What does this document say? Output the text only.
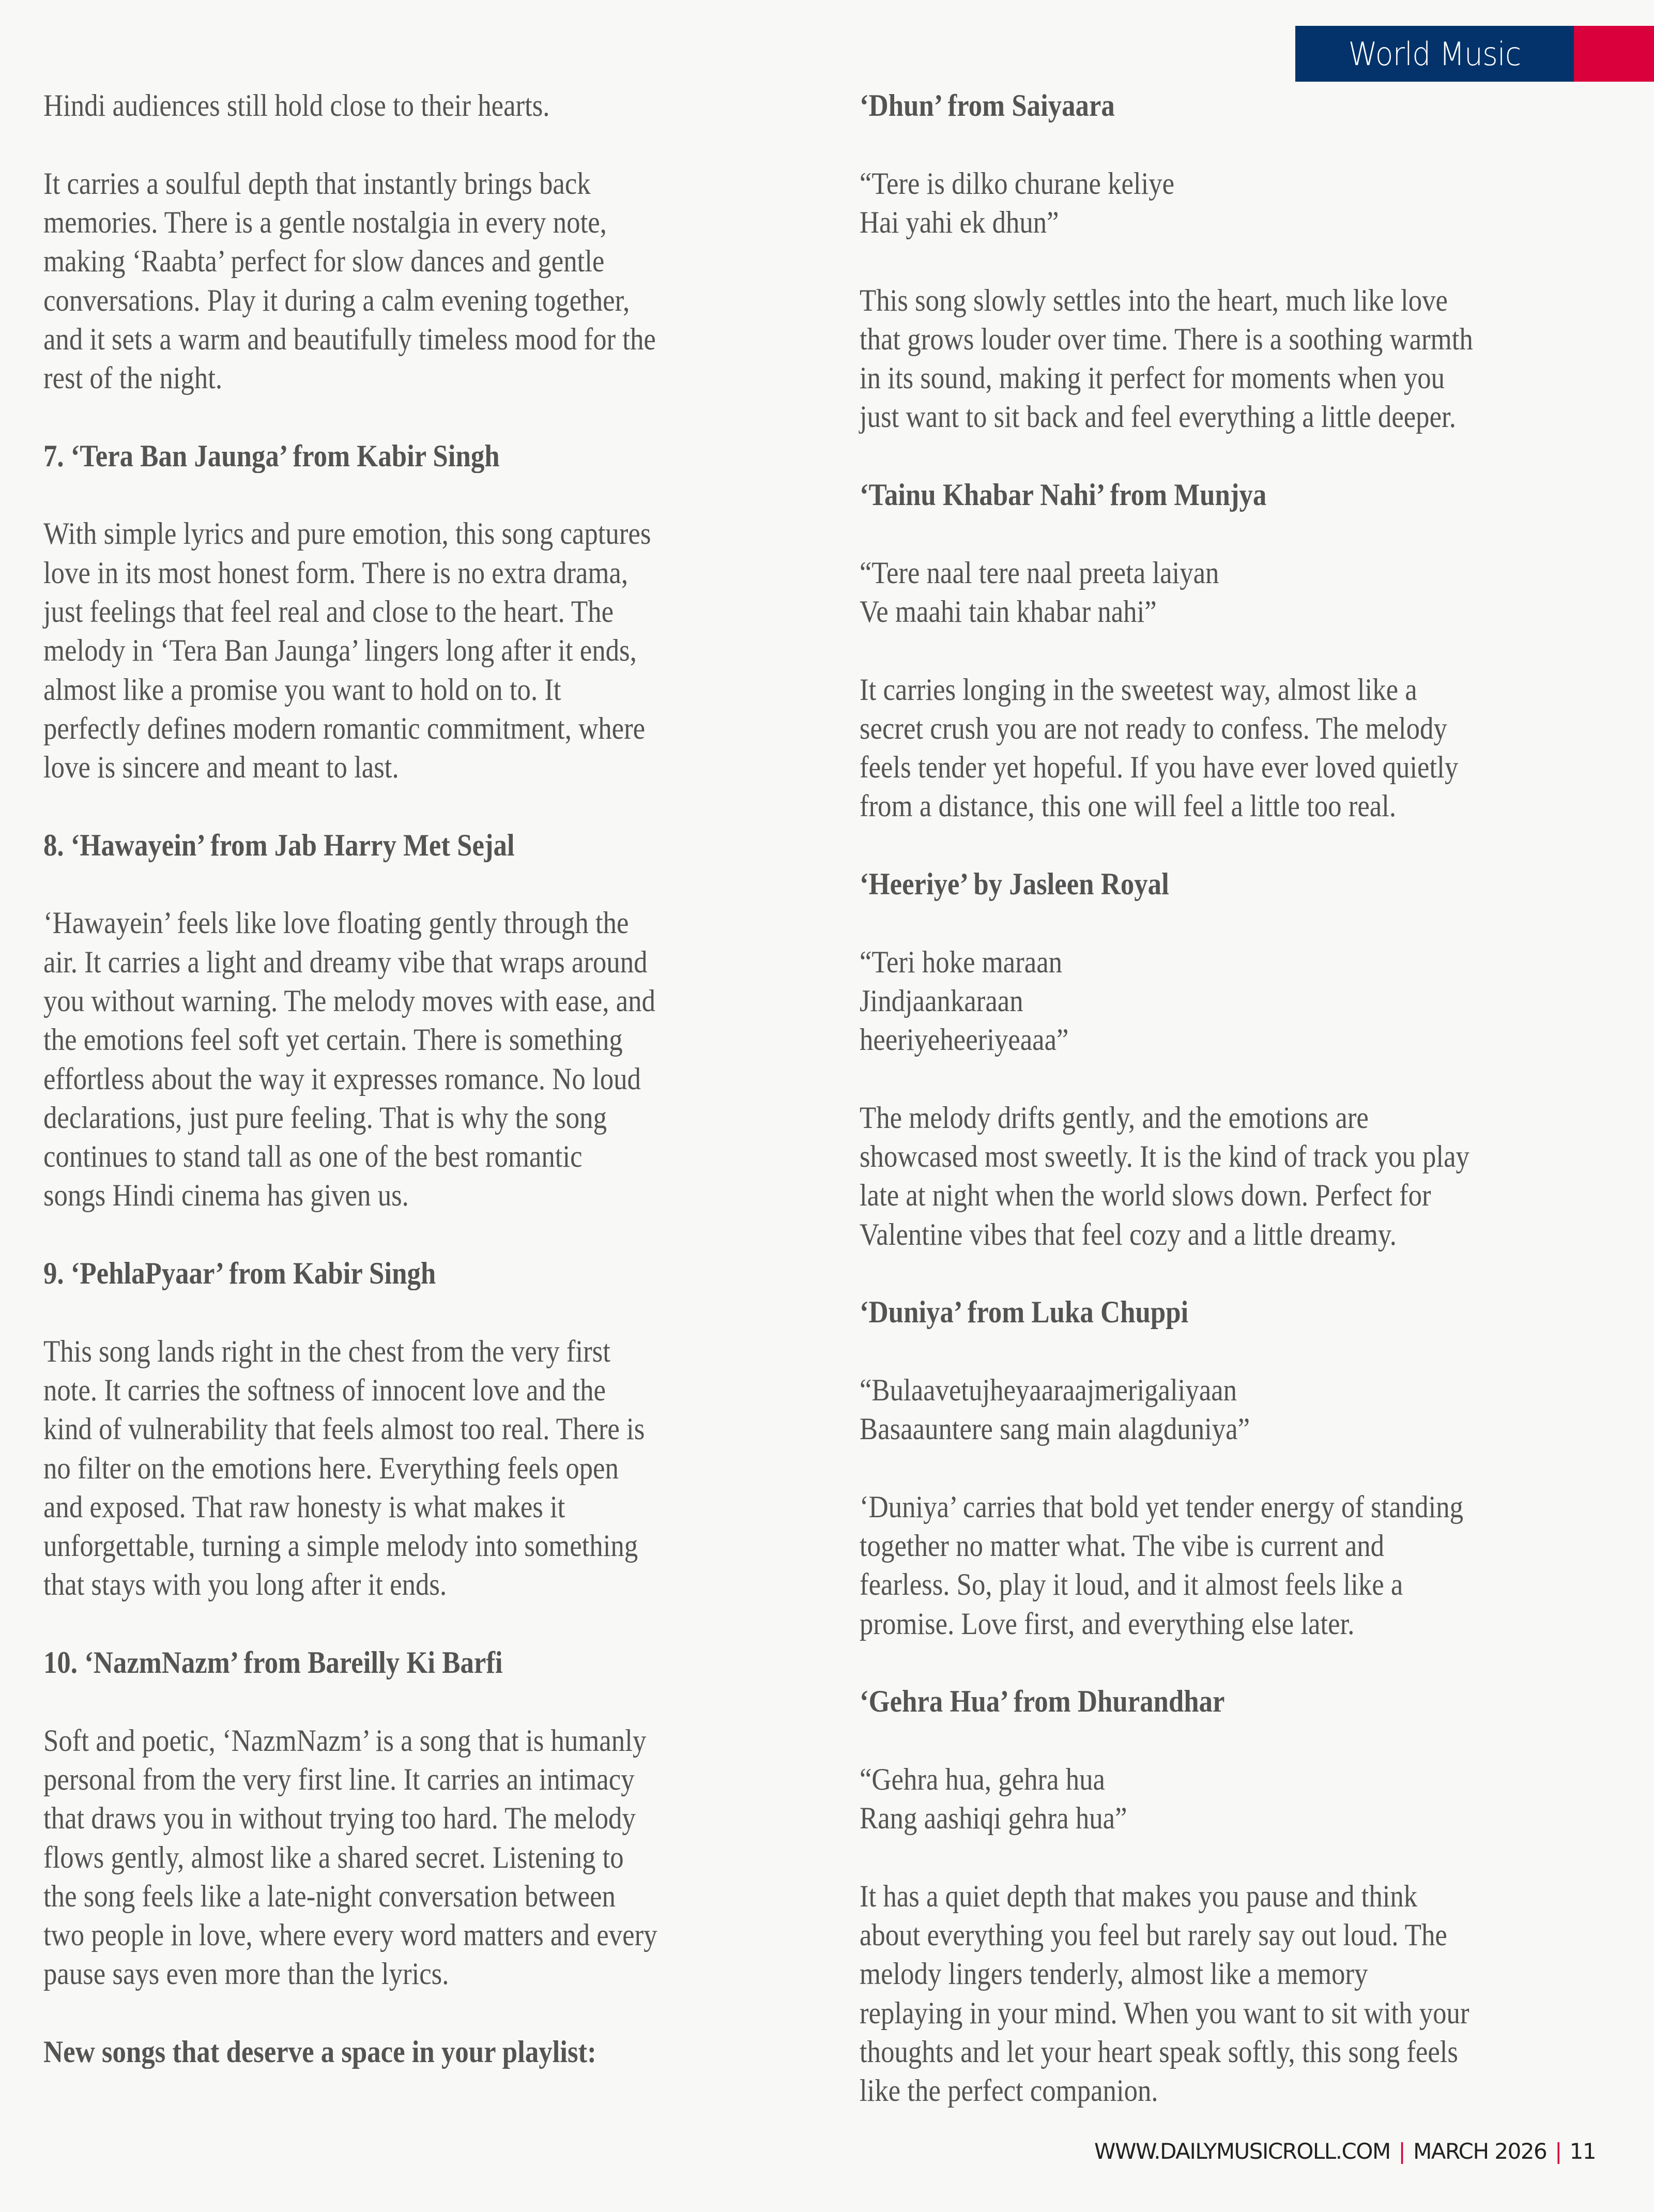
World Music
Hindi audiences still hold close to their hearts.
It carries a soulful depth that instantly brings back
memories. There is a gentle nostalgia in every note,
making ‘Raabta’ perfect for slow dances and gentle
conversations. Play it during a calm evening together,
and it sets a warm and beautifully timeless mood for the
rest of the night.
7. ‘Tera Ban Jaunga’ from Kabir Singh
With simple lyrics and pure emotion, this song captures
love in its most honest form. There is no extra drama,
just feelings that feel real and close to the heart. The
melody in ‘Tera Ban Jaunga’ lingers long after it ends,
almost like a promise you want to hold on to. It
perfectly defines modern romantic commitment, where
love is sincere and meant to last.
8. ‘Hawayein’ from Jab Harry Met Sejal
‘Hawayein’ feels like love floating gently through the
air. It carries a light and dreamy vibe that wraps around
you without warning. The melody moves with ease, and
the emotions feel soft yet certain. There is something
effortless about the way it expresses romance. No loud
declarations, just pure feeling. That is why the song
continues to stand tall as one of the best romantic
songs Hindi cinema has given us.
9. ‘PehlaPyaar’ from Kabir Singh
This song lands right in the chest from the very first
note. It carries the softness of innocent love and the
kind of vulnerability that feels almost too real. There is
no filter on the emotions here. Everything feels open
and exposed. That raw honesty is what makes it
unforgettable, turning a simple melody into something
that stays with you long after it ends.
10. ‘NazmNazm’ from Bareilly Ki Barfi
Soft and poetic, ‘NazmNazm’ is a song that is humanly
personal from the very first line. It carries an intimacy
that draws you in without trying too hard. The melody
flows gently, almost like a shared secret. Listening to
the song feels like a late-night conversation between
two people in love, where every word matters and every
pause says even more than the lyrics.
New songs that deserve a space in your playlist:
‘Dhun’ from Saiyaara
“Tere is dilko churane keliye
Hai yahi ek dhun”
This song slowly settles into the heart, much like love
that grows louder over time. There is a soothing warmth
in its sound, making it perfect for moments when you
just want to sit back and feel everything a little deeper.
‘Tainu Khabar Nahi’ from Munjya
“Tere naal tere naal preeta laiyan
Ve maahi tain khabar nahi”
It carries longing in the sweetest way, almost like a
secret crush you are not ready to confess. The melody
feels tender yet hopeful. If you have ever loved quietly
from a distance, this one will feel a little too real.
‘Heeriye’ by Jasleen Royal
“Teri hoke maraan
Jindjaankaraan
heeriyeheeriyeaaa”
The melody drifts gently, and the emotions are
showcased most sweetly. It is the kind of track you play
late at night when the world slows down. Perfect for
Valentine vibes that feel cozy and a little dreamy.
‘Duniya’ from Luka Chuppi
“Bulaavetujheyaaraajmerigaliyaan
Basaauntere sang main alagduniya”
‘Duniya’ carries that bold yet tender energy of standing
together no matter what. The vibe is current and
fearless. So, play it loud, and it almost feels like a
promise. Love first, and everything else later.
‘Gehra Hua’ from Dhurandhar
“Gehra hua, gehra hua
Rang aashiqi gehra hua”
It has a quiet depth that makes you pause and think
about everything you feel but rarely say out loud. The
melody lingers tenderly, almost like a memory
replaying in your mind. When you want to sit with your
thoughts and let your heart speak softly, this song feels
like the perfect companion.
WWW.DAILYMUSICROLL.COM | MARCH 2026 | 11
